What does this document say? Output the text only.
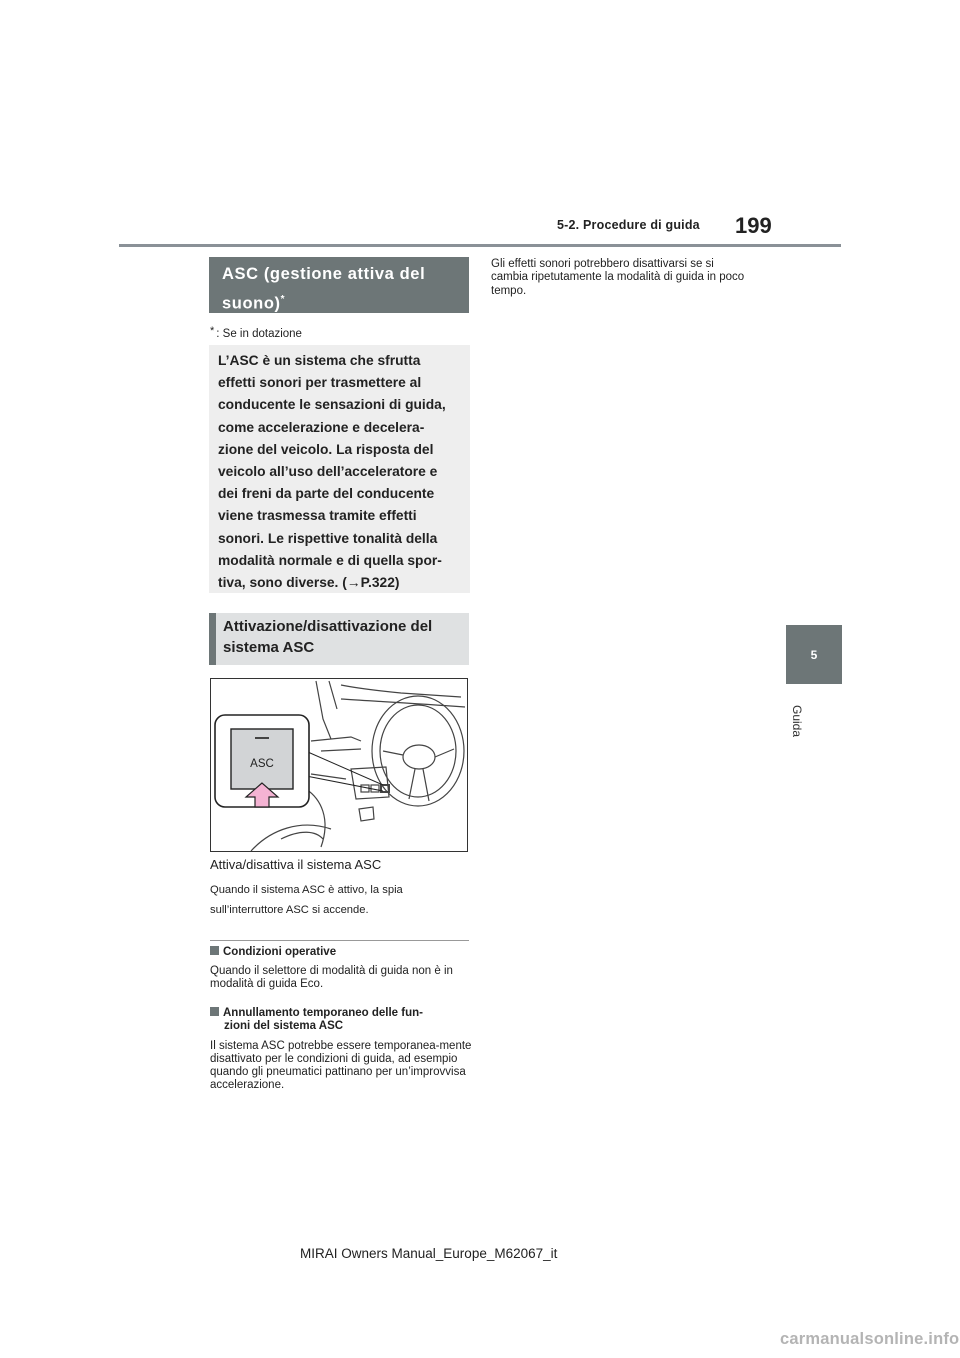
5-2. Procedure di guida 199
5
Guida
ASC (gestione attiva del suono)*
* : Se in dotazione

L’ASC è un sistema che sfrutta

effetti sonori per trasmettere al

conducente le sensazioni di guida,

come accelerazione e decelera-

zione del veicolo. La risposta del

veicolo all’uso dell’acceleratore e

dei freni da parte del conducente

viene trasmessa tramite effetti

sonori. Le rispettive tonalità della

modalità normale e di quella spor-

tiva, sono diverse. (→P.322)

Attivazione/disattivazione del sistema ASC
ASC
Attiva/disattiva il sistema ASC
Quando il sistema ASC è attivo, la spia
sull’interruttore ASC si accende.
Condizioni operative
Quando il selettore di modalità di guida non è in modalità di guida Eco.
Annullamento temporaneo delle fun-
zioni del sistema ASC
Il sistema ASC potrebbe essere temporanea-mente disattivato per le condizioni di guida, ad esempio quando gli pneumatici pattinano per un’improvvisa accelerazione.
Gli effetti sonori potrebbero disattivarsi se si cambia ripetutamente la modalità di guida in poco tempo.
MIRAI Owners Manual_Europe_M62067_it
carmanualsonline.info
